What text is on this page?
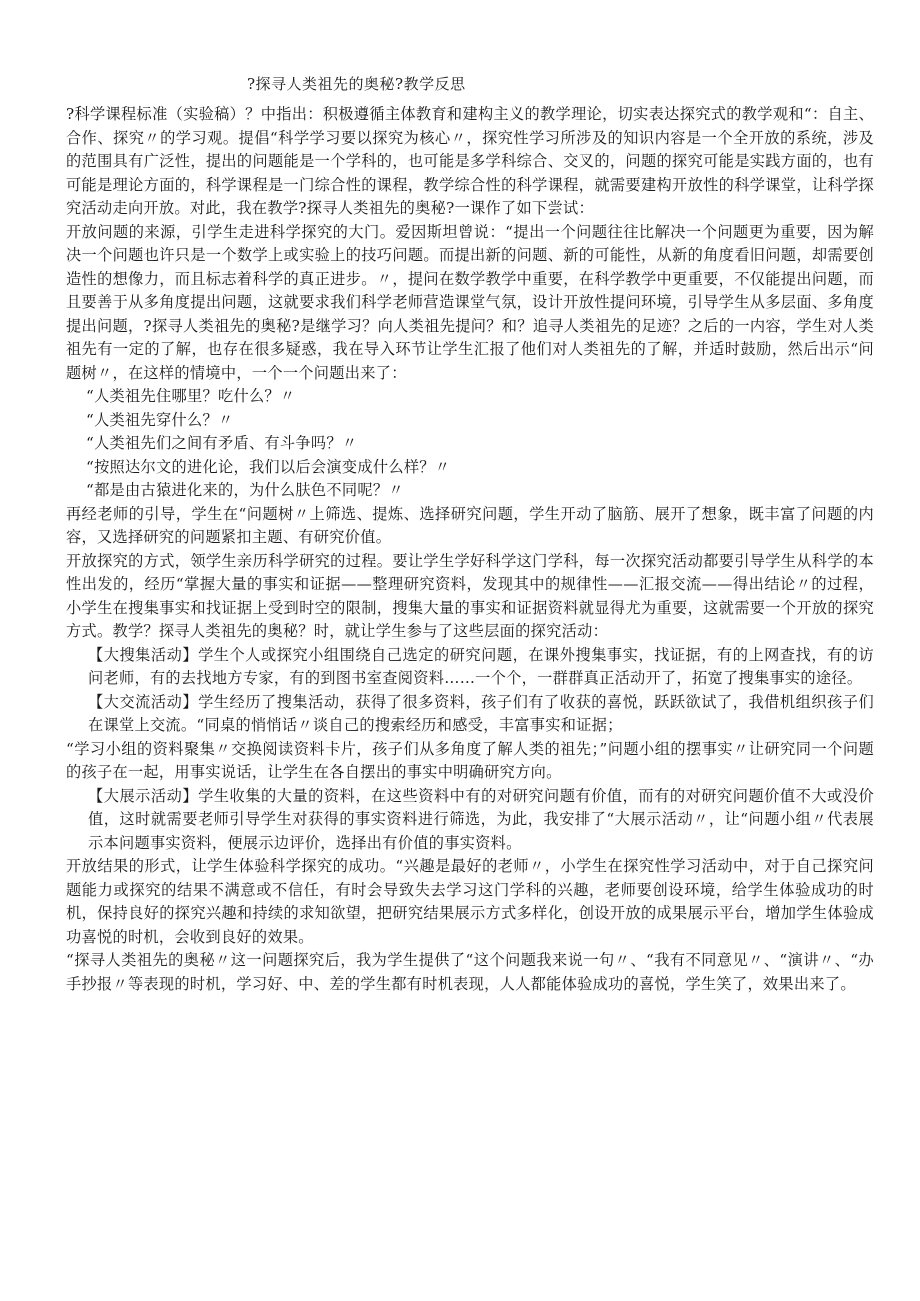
?探寻人类祖先的奥秘?教学反思

?科学课程标准（实验稿）？中指出：积极遵循主体教育和建构主义的教学理论，切实表达探究式的教学观和“：自主、合作、探究〃的学习观。提倡“科学学习要以探究为核心〃，探究性学习所涉及的知识内容是一个全开放的系统，涉及的范围具有广泛性，提出的问题能是一个学科的，也可能是多学科综合、交叉的，问题的探究可能是实践方面的，也有可能是理论方面的，科学课程是一门综合性的课程，教学综合性的科学课程，就需要建构开放性的科学课堂，让科学探究活动走向开放。对此，我在教学?探寻人类祖先的奥秘?一课作了如下尝试：

开放问题的来源，引学生走进科学探究的大门。爱因斯坦曾说：“提出一个问题往往比解决一个问题更为重要，因为解决一个问题也许只是一个数学上或实验上的技巧问题。而提出新的问题、新的可能性，从新的角度看旧问题，却需要创造性的想像力，而且标志着科学的真正进步。〃，提问在数学教学中重要，在科学教学中更重要，不仅能提出问题，而且要善于从多角度提出问题，这就要求我们科学老师营造课堂气氛，设计开放性提问环境，引导学生从多层面、多角度提出问题，?探寻人类祖先的奥秘?是继学习？向人类祖先提问？和？追寻人类祖先的足迹？之后的一内容，学生对人类祖先有一定的了解，也存在很多疑惑，我在导入环节让学生汇报了他们对人类祖先的了解，并适时鼓励，然后出示“问题树〃，在这样的情境中，一个一个问题出来了：

“人类祖先住哪里？吃什么？〃

“人类祖先穿什么？〃

“人类祖先们之间有矛盾、有斗争吗？〃

“按照达尔文的进化论，我们以后会演变成什么样？〃

“都是由古猿进化来的，为什么肤色不同呢？〃

再经老师的引导，学生在“问题树〃上筛选、提炼、选择研究问题，学生开动了脑筋、展开了想象，既丰富了问题的内容，又选择研究的问题紧扣主题、有研究价值。

开放探究的方式，领学生亲历科学研究的过程。要让学生学好科学这门学科，每一次探究活动都要引导学生从科学的本性出发的，经历“掌握大量的事实和证据——整理研究资料，发现其中的规律性——汇报交流——得出结论〃的过程，小学生在搜集事实和找证据上受到时空的限制，搜集大量的事实和证据资料就显得尤为重要，这就需要一个开放的探究方式。教学？探寻人类祖先的奥秘？时，就让学生参与了这些层面的探究活动：

【大搜集活动】学生个人或探究小组围绕自己选定的研究问题，在课外搜集事实，找证据，有的上网查找，有的访问老师，有的去找地方专家，有的到图书室查阅资料……一个个，一群群真正活动开了，拓宽了搜集事实的途径。

【大交流活动】学生经历了搜集活动，获得了很多资料，孩子们有了收获的喜悦，跃跃欲试了，我借机组织孩子们在课堂上交流。“同桌的悄悄话〃谈自己的搜索经历和感受，丰富事实和证据；

“学习小组的资料聚集〃交换阅读资料卡片，孩子们从多角度了解人类的祖先；”问题小组的摆事实〃让研究同一个问题的孩子在一起，用事实说话，让学生在各自摆出的事实中明确研究方向。

【大展示活动】学生收集的大量的资料，在这些资料中有的对研究问题有价值，而有的对研究问题价值不大或没价值，这时就需要老师引导学生对获得的事实资料进行筛选，为此，我安排了“大展示活动〃，让“问题小组〃代表展示本问题事实资料，便展示边评价，选择出有价值的事实资料。

开放结果的形式，让学生体验科学探究的成功。“兴趣是最好的老师〃，小学生在探究性学习活动中，对于自己探究问题能力或探究的结果不满意或不信任，有时会导致失去学习这门学科的兴趣，老师要创设环境，给学生体验成功的时机，保持良好的探究兴趣和持续的求知欲望，把研究结果展示方式多样化，创设开放的成果展示平台，增加学生体验成功喜悦的时机，会收到良好的效果。

“探寻人类祖先的奥秘〃这一问题探究后，我为学生提供了“这个问题我来说一句〃、“我有不同意见〃、“演讲〃、“办手抄报〃等表现的时机，学习好、中、差的学生都有时机表现，人人都能体验成功的喜悦，学生笑了，效果出来了。
